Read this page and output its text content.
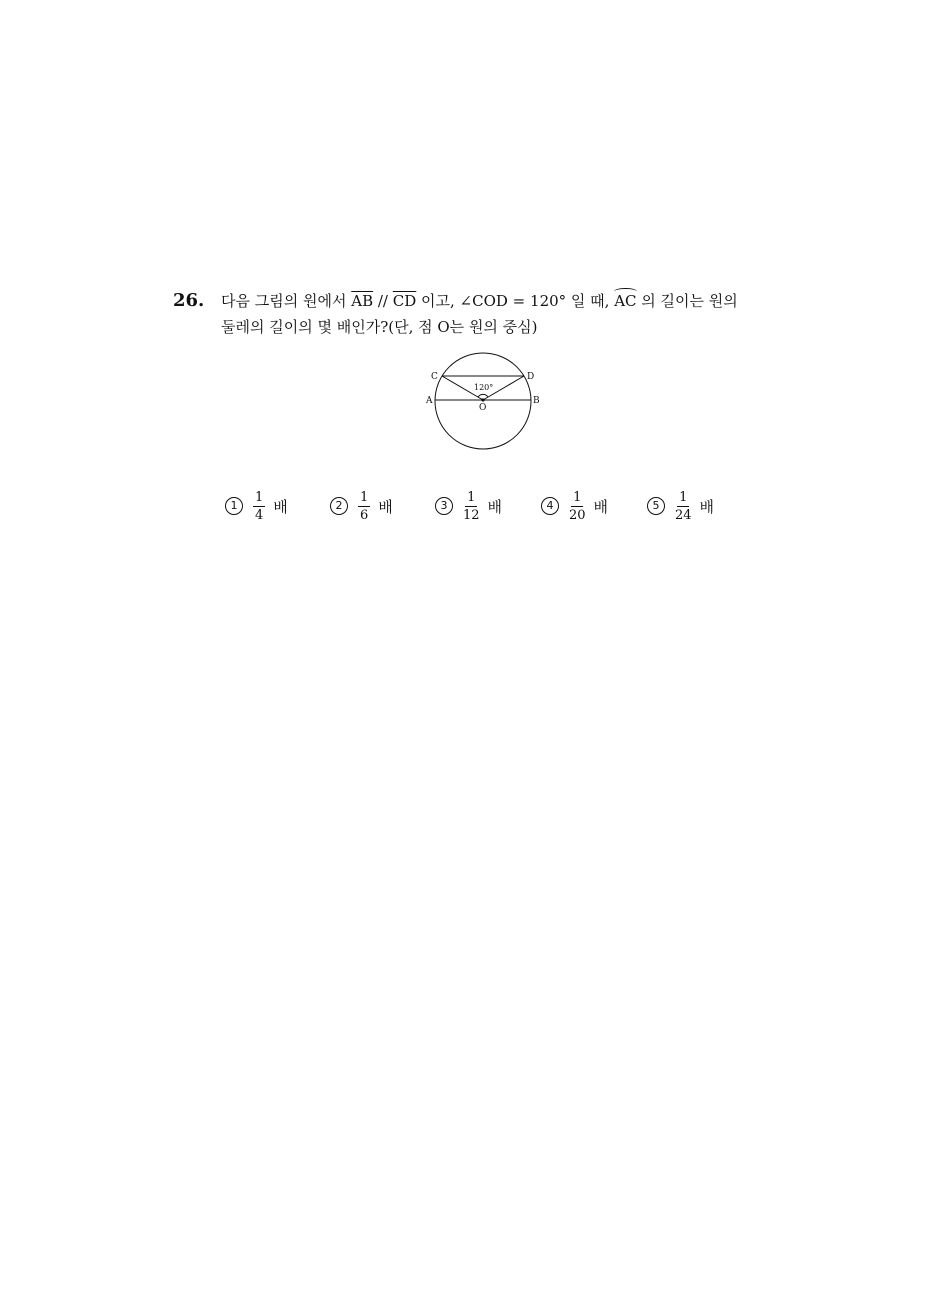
26. 다음 그림의 원에서 $\overline{AB} // \overline{CD}$ 이고, ∠COD = 120° 일 때, AC 의 길이는 원의
둘레의 길이의 몇 배인가?(단, 점 O는 원의 중심)
C	D
A	B
O
120°
1	$\frac{1}{4}$ 배	2	$\frac{1}{6}$ 배	3	$\frac{1}{12}$ 배	4	$\frac{1}{20}$ 배	5	$\frac{1}{24}$ 배
